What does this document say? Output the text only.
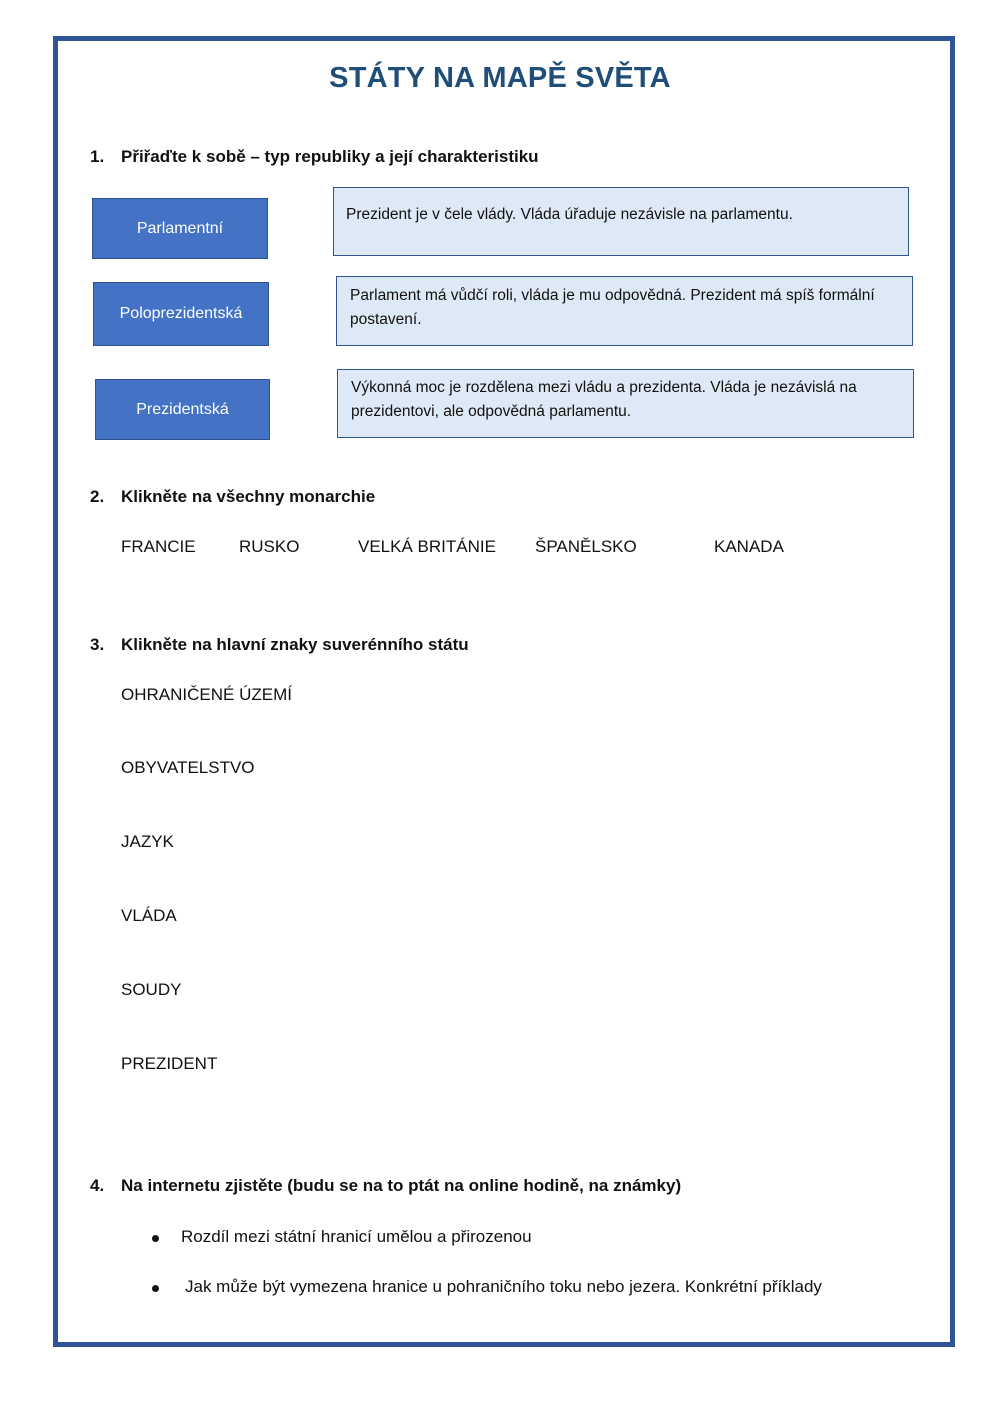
STÁTY NA MAPĚ SVĚTA
1. Přiřaďte k sobě – typ republiky a její charakteristiku
Parlamentní
Poloprezidentská
Prezidentská
Prezident je v čele vlády. Vláda úřaduje nezávisle na parlamentu.
Parlament má vůdčí roli, vláda je mu odpovědná. Prezident má spíš formální postavení.
Výkonná moc je rozdělena mezi vládu a prezidenta. Vláda je nezávislá na prezidentovi, ale odpovědná parlamentu.
2. Klikněte na všechny monarchie
FRANCIE	RUSKO	VELKÁ BRITÁNIE ŠPANĚLSKO	KANADA
3. Klikněte na hlavní znaky suverénního státu
OHRANIČENÉ ÚZEMÍ
OBYVATELSTVO
JAZYK
VLÁDA
SOUDY
PREZIDENT
4. Na internetu zjistěte (budu se na to ptát na online hodině, na známky)
Rozdíl mezi státní hranicí umělou a přirozenou
Jak může být vymezena hranice u pohraničního toku nebo jezera. Konkrétní příklady
